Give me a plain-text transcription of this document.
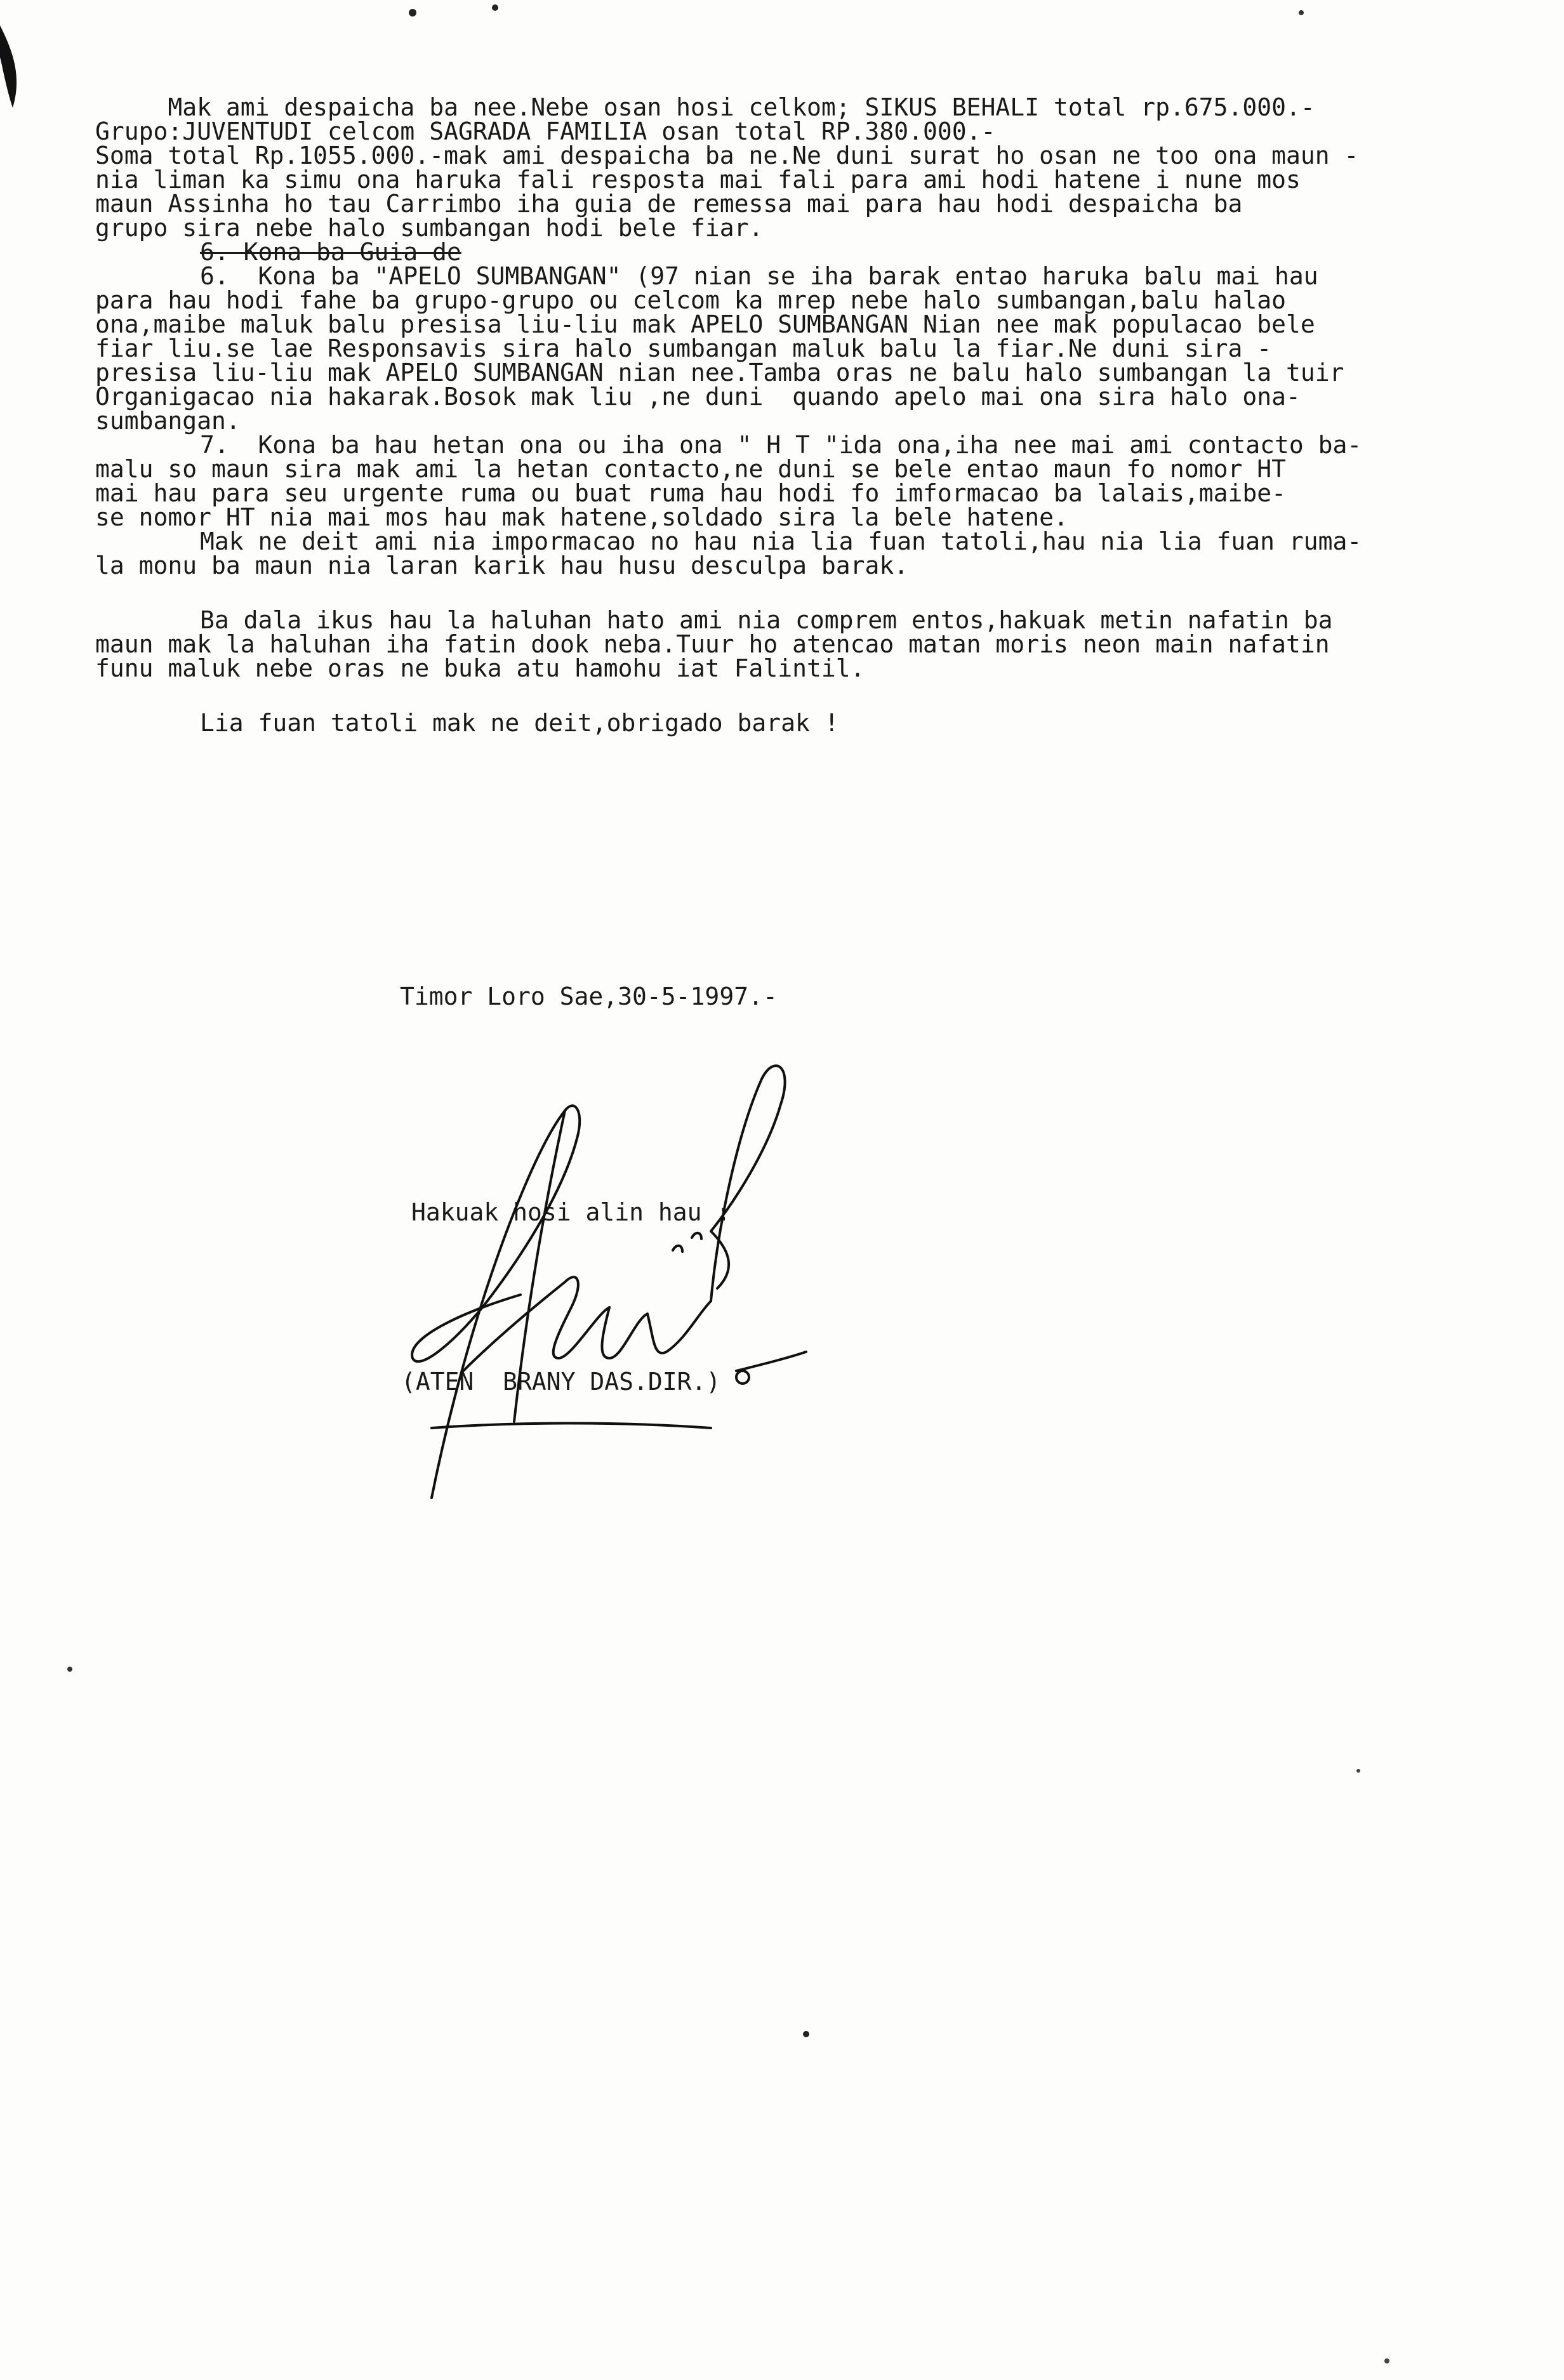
Mak ami despaicha ba nee.Nebe osan hosi celkom; SIKUS BEHALI total rp.675.000.-
Grupo:JUVENTUDI celcom SAGRADA FAMILIA osan total RP.380.000.-
Soma total Rp.1055.000.-mak ami despaicha ba ne.Ne duni surat ho osan ne too ona maun -
nia liman ka simu ona haruka fali resposta mai fali para ami hodi hatene i nune mos
maun Assinha ho tau Carrimbo iha guia de remessa mai para hau hodi despaicha ba
grupo sira nebe halo sumbangan hodi bele fiar.
6. Kona ba Guia de
6.  Kona ba "APELO SUMBANGAN" (97 nian se iha barak entao haruka balu mai hau
para hau hodi fahe ba grupo-grupo ou celcom ka mrep nebe halo sumbangan,balu halao
ona,maibe maluk balu presisa liu-liu mak APELO SUMBANGAN Nian nee mak populacao bele
fiar liu.se lae Responsavis sira halo sumbangan maluk balu la fiar.Ne duni sira -
presisa liu-liu mak APELO SUMBANGAN nian nee.Tamba oras ne balu halo sumbangan la tuir
Organigacao nia hakarak.Bosok mak liu ,ne duni  quando apelo mai ona sira halo ona-
sumbangan.
7.  Kona ba hau hetan ona ou iha ona " H T "ida ona,iha nee mai ami contacto ba-
malu so maun sira mak ami la hetan contacto,ne duni se bele entao maun fo nomor HT
mai hau para seu urgente ruma ou buat ruma hau hodi fo imformacao ba lalais,maibe-
se nomor HT nia mai mos hau mak hatene,soldado sira la bele hatene.
Mak ne deit ami nia impormacao no hau nia lia fuan tatoli,hau nia lia fuan ruma-
la monu ba maun nia laran karik hau husu desculpa barak.
Ba dala ikus hau la haluhan hato ami nia comprem entos,hakuak metin nafatin ba
maun mak la haluhan iha fatin dook neba.Tuur ho atencao matan moris neon main nafatin
funu maluk nebe oras ne buka atu hamohu iat Falintil.
Lia fuan tatoli mak ne deit,obrigado barak !
Timor Loro Sae,30-5-1997.-
Hakuak hosi alin hau :
(ATEN  BRANY DAS.DIR.)
